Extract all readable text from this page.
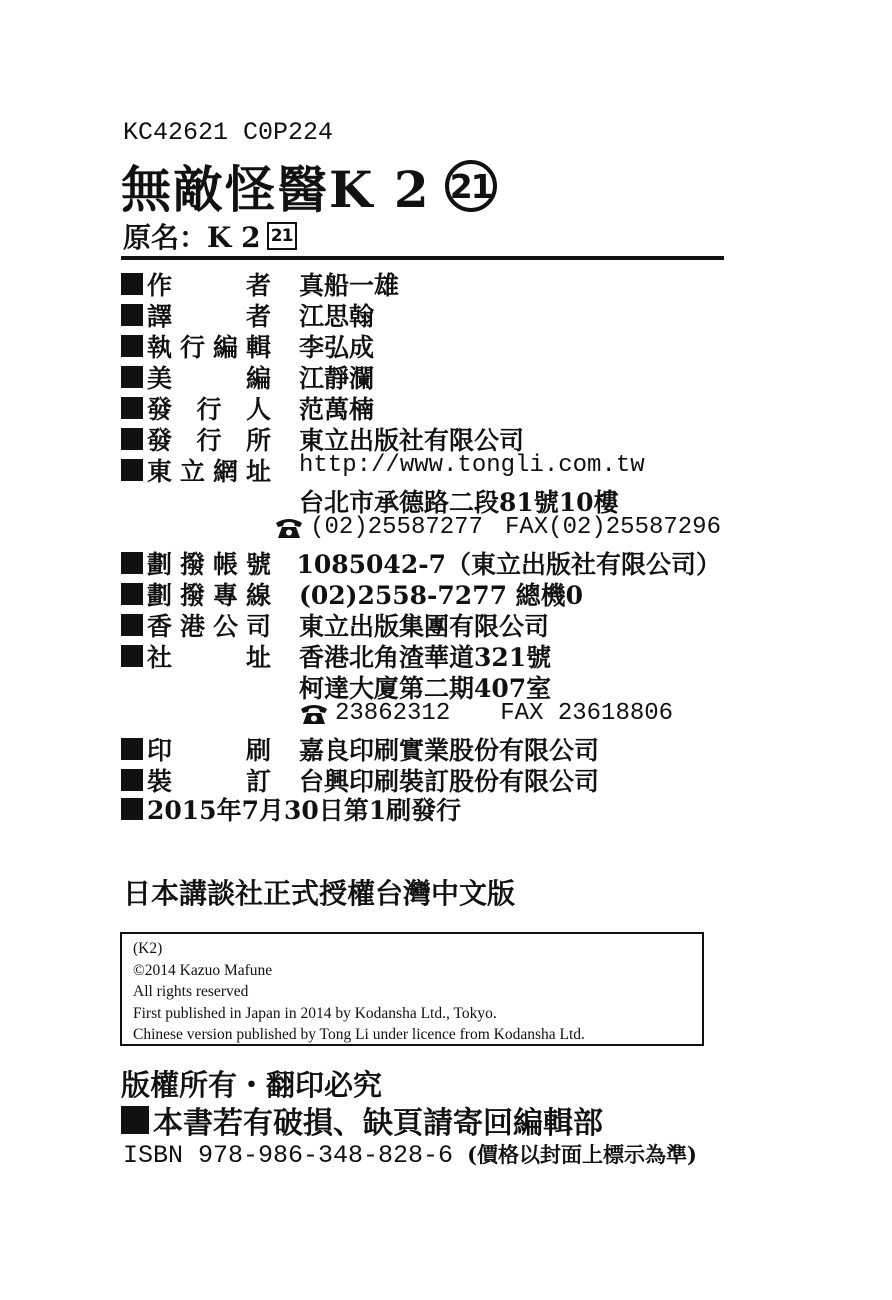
KC42621 C0P224
無敵怪醫K 2 21
原名：K 2 21
作　者 真船一雄
譯　者 江思翰
執行編輯 李弘成
美　編 江靜瀾
發行人 范萬楠
發行所 東立出版社有限公司
東立網址 http://www.tongli.com.tw
台北市承德路二段81號10樓
(02)25587277 FAX(02)25587296
劃撥帳號 1085042-7（東立出版社有限公司）
劃撥專線 (02)2558-7277 總機0
香港公司 東立出版集團有限公司
社　址 香港北角渣華道321號
柯達大廈第二期407室
23862312 FAX 23618806
印　刷 嘉良印刷實業股份有限公司
裝　訂 台興印刷裝訂股份有限公司
2015年7月30日第1刷發行
日本講談社正式授權台灣中文版
(K2)
©2014 Kazuo Mafune
All rights reserved
First published in Japan in 2014 by Kodansha Ltd., Tokyo.
Chinese version published by Tong Li under licence from Kodansha Ltd.
版權所有・翻印必究
本書若有破損、缺頁請寄回編輯部
ISBN 978-986-348-828-6 (價格以封面上標示為準)
